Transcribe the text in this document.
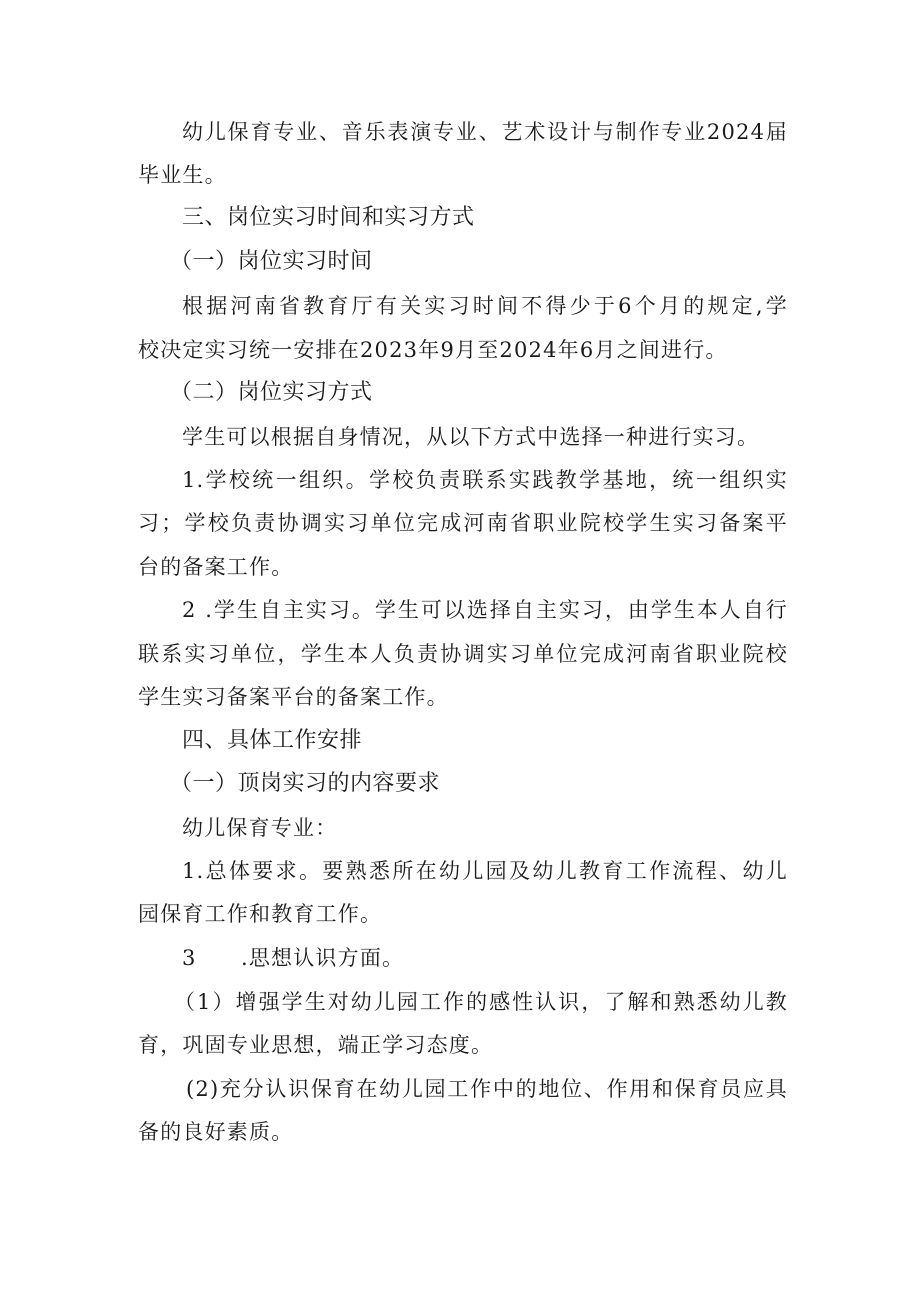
幼儿保育专业、音乐表演专业、艺术设计与制作专业2024届
毕业生。
三、岗位实习时间和实习方式
（一）岗位实习时间
根据河南省教育厅有关实习时间不得少于6个月的规定,学
校决定实习统一安排在2023年9月至2024年6月之间进行。
（二）岗位实习方式
学生可以根据自身情况，从以下方式中选择一种进行实习。
1.学校统一组织。学校负责联系实践教学基地，统一组织实
习；学校负责协调实习单位完成河南省职业院校学生实习备案平
台的备案工作。
2 .学生自主实习。学生可以选择自主实习，由学生本人自行
联系实习单位，学生本人负责协调实习单位完成河南省职业院校
学生实习备案平台的备案工作。
四、具体工作安排
（一）顶岗实习的内容要求
幼儿保育专业：
1.总体要求。要熟悉所在幼儿园及幼儿教育工作流程、幼儿
园保育工作和教育工作。
3　　.思想认识方面。
（1）增强学生对幼儿园工作的感性认识，了解和熟悉幼儿教
育，巩固专业思想，端正学习态度。
(2)充分认识保育在幼儿园工作中的地位、作用和保育员应具
备的良好素质。
